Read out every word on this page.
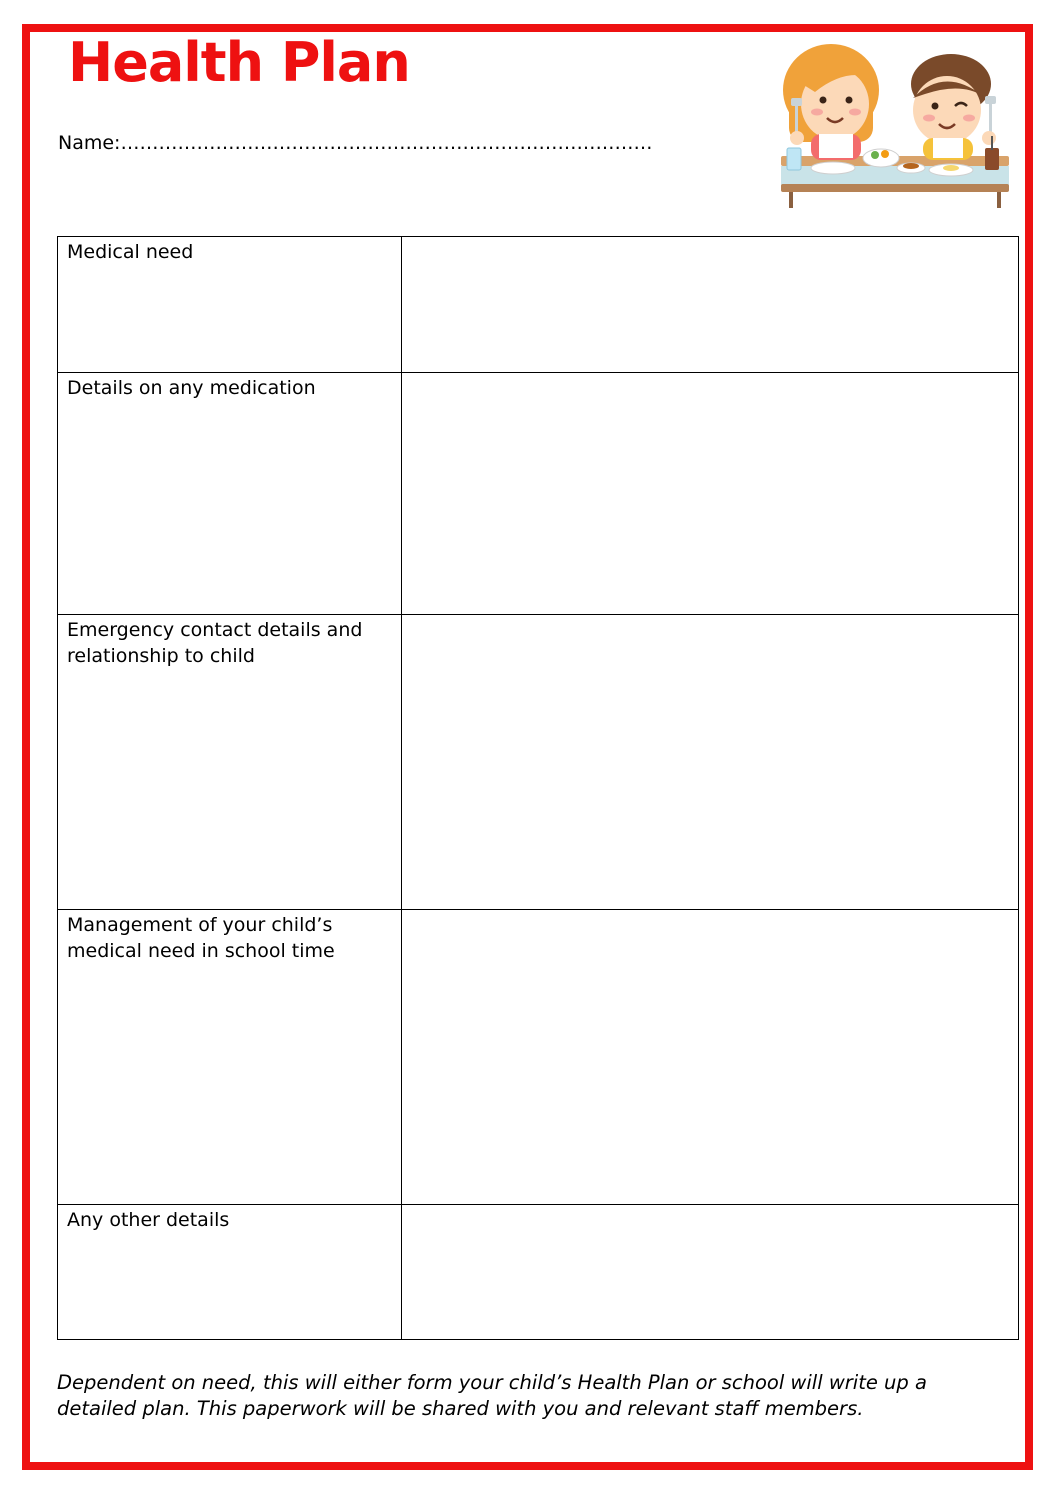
Health Plan
Name:…………………………………………………………………………
Medical need	
Details on any medication	
Emergency contact details and relationship to child	
Management of your child’s medical need in school time	
Any other details	

Dependent on need, this will either form your child’s Health Plan or school will write up a detailed plan. This paperwork will be shared with you and relevant staff members.
